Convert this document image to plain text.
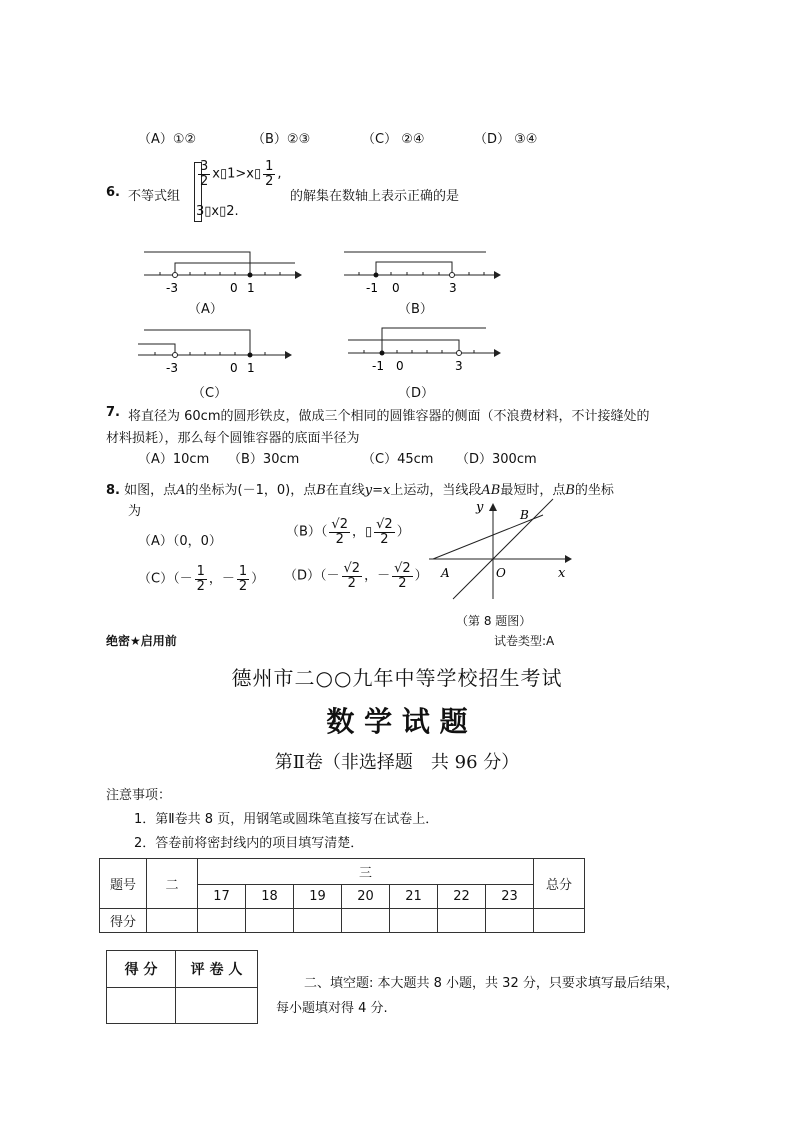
（A）①②	（B）②③	（C） ②④	（D） ③④
6. 不等式组
$\frac{3}{2}$ x▯1>x▯ $\frac{1}{2}$ ,
3▯x▯2.
的解集在数轴上表示正确的是
-3	0 1
（A）
-1 0	3
（B）
-3	0 1
（C）
-1 0	3
（D）
7. 将直径为 60cm的圆形铁皮，做成三个相同的圆锥容器的侧面（不浪费材料，不计接缝处的
材料损耗），那么每个圆锥容器的底面半径为
（A）10cm （B）30cm	（C）45cm （D）300cm
8. 如图，点A的坐标为(－1，0)，点B在直线y=x上运动，当线段AB最短时，点B的坐标
为
（A）（0，0）
$(B)( \frac{√2}{2}$ ，▯ $\frac{√2}{2}$ ）
$(C)(- \frac{1}{2}$ ，－ $\frac{1}{2}$ ） $(D)(- \frac{√2}{2}$ ，－ $\frac{√2}{2}$ ）
y
x
B
O
A
（第 8 题图）
绝密★启用前	试卷类型:A
德州市二○○九年中等学校招生考试
数 学 试 题
第Ⅱ卷（非选择题　共 96 分）
注意事项：
1．第Ⅱ卷共 8 页，用钢笔或圆珠笔直接写在试卷上．
2．答卷前将密封线内的项目填写清楚．
题号	二	三							总分
		17	18	19	20	21	22	23	
得分									
得 分	评 卷 人

二、填空题: 本大题共 8 小题，共 32 分，只要求填写最后结果，
每小题填对得 4 分.
